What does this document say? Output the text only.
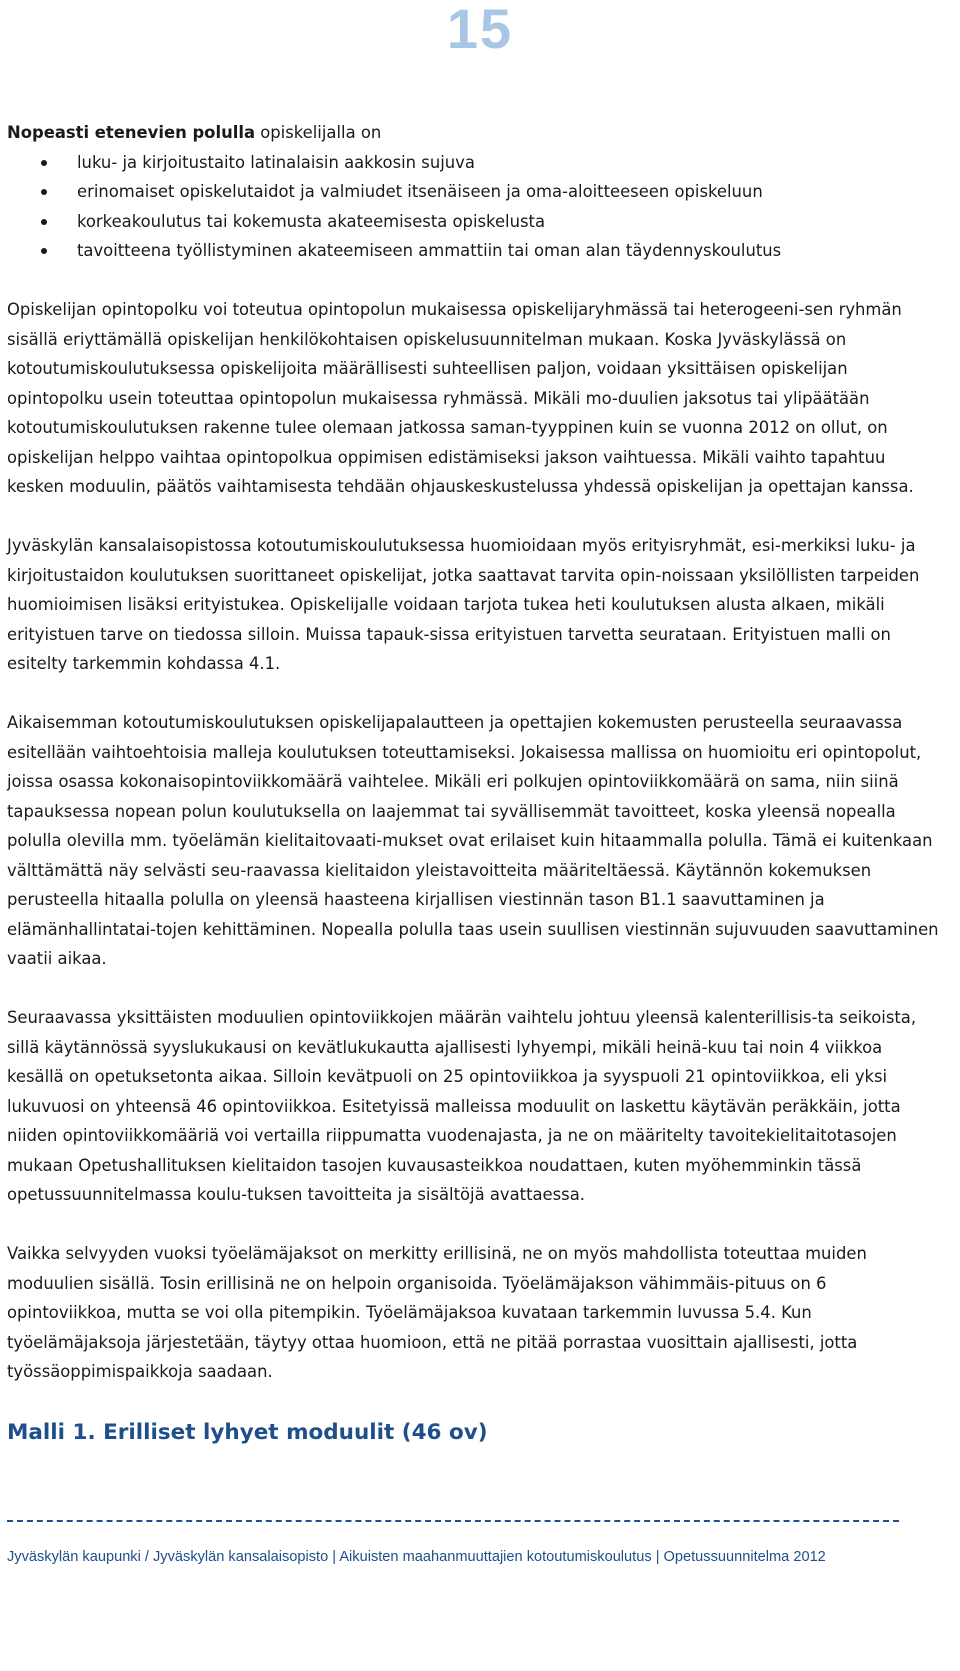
15

Nopeasti etenevien polulla opiskelijalla on

luku- ja kirjoitustaito latinalaisin aakkosin sujuva
erinomaiset opiskelutaidot ja valmiudet itsenäiseen ja oma-aloitteeseen opiskeluun
korkeakoulutus tai kokemusta akateemisesta opiskelusta
tavoitteena työllistyminen akateemiseen ammattiin tai oman alan täydennyskoulutus

Opiskelijan opintopolku voi toteutua opintopolun mukaisessa opiskelijaryhmässä tai heterogeeni-sen ryhmän sisällä eriyttämällä opiskelijan henkilökohtaisen opiskelusuunnitelman mukaan. Koska Jyväskylässä on kotoutumiskoulutuksessa opiskelijoita määrällisesti suhteellisen paljon, voidaan yksittäisen opiskelijan opintopolku usein toteuttaa opintopolun mukaisessa ryhmässä. Mikäli mo-duulien jaksotus tai ylipäätään kotoutumiskoulutuksen rakenne tulee olemaan jatkossa saman-tyyppinen kuin se vuonna 2012 on ollut, on opiskelijan helppo vaihtaa opintopolkua oppimisen edistämiseksi jakson vaihtuessa. Mikäli vaihto tapahtuu kesken moduulin, päätös vaihtamisesta tehdään ohjauskeskustelussa yhdessä opiskelijan ja opettajan kanssa.

Jyväskylän kansalaisopistossa kotoutumiskoulutuksessa huomioidaan myös erityisryhmät, esi-merkiksi luku- ja kirjoitustaidon koulutuksen suorittaneet opiskelijat, jotka saattavat tarvita opin-noissaan yksilöllisten tarpeiden huomioimisen lisäksi erityistukea. Opiskelijalle voidaan tarjota tukea heti koulutuksen alusta alkaen, mikäli erityistuen tarve on tiedossa silloin. Muissa tapauk-sissa erityistuen tarvetta seurataan. Erityistuen malli on esitelty tarkemmin kohdassa 4.1.

Aikaisemman kotoutumiskoulutuksen opiskelijapalautteen ja opettajien kokemusten perusteella seuraavassa esitellään vaihtoehtoisia malleja koulutuksen toteuttamiseksi. Jokaisessa mallissa on huomioitu eri opintopolut, joissa osassa kokonaisopintoviikkomäärä vaihtelee. Mikäli eri polkujen opintoviikkomäärä on sama, niin siinä tapauksessa nopean polun koulutuksella on laajemmat tai syvällisemmät tavoitteet, koska yleensä nopealla polulla olevilla mm. työelämän kielitaitovaati-mukset ovat erilaiset kuin hitaammalla polulla. Tämä ei kuitenkaan välttämättä näy selvästi seu-raavassa kielitaidon yleistavoitteita määriteltäessä. Käytännön kokemuksen perusteella hitaalla polulla on yleensä haasteena kirjallisen viestinnän tason B1.1 saavuttaminen ja elämänhallintatai-tojen kehittäminen. Nopealla polulla taas usein suullisen viestinnän sujuvuuden saavuttaminen vaatii aikaa.

Seuraavassa yksittäisten moduulien opintoviikkojen määrän vaihtelu johtuu yleensä kalenterillisis-ta seikoista, sillä käytännössä syyslukukausi on kevätlukukautta ajallisesti lyhyempi, mikäli heinä-kuu tai noin 4 viikkoa kesällä on opetuksetonta aikaa. Silloin kevätpuoli on 25 opintoviikkoa ja syyspuoli 21 opintoviikkoa, eli yksi lukuvuosi on yhteensä 46 opintoviikkoa. Esitetyissä malleissa moduulit on laskettu käytävän peräkkäin, jotta niiden opintoviikkomääriä voi vertailla riippumatta vuodenajasta, ja ne on määritelty tavoitekielitaitotasojen mukaan Opetushallituksen kielitaidon tasojen kuvausasteikkoa noudattaen, kuten myöhemminkin tässä opetussuunnitelmassa koulu-tuksen tavoitteita ja sisältöjä avattaessa.

Vaikka selvyyden vuoksi työelämäjaksot on merkitty erillisinä, ne on myös mahdollista toteuttaa muiden moduulien sisällä. Tosin erillisinä ne on helpoin organisoida. Työelämäjakson vähimmäis-pituus on 6 opintoviikkoa, mutta se voi olla pitempikin. Työelämäjaksoa kuvataan tarkemmin luvussa 5.4. Kun työelämäjaksoja järjestetään, täytyy ottaa huomioon, että ne pitää porrastaa vuosittain ajallisesti, jotta työssäoppimispaikkoja saadaan.

Malli 1. Erilliset lyhyet moduulit (46 ov)
Jyväskylän kaupunki / Jyväskylän kansalaisopisto | Aikuisten maahanmuuttajien kotoutumiskoulutus | Opetussuunnitelma 2012
